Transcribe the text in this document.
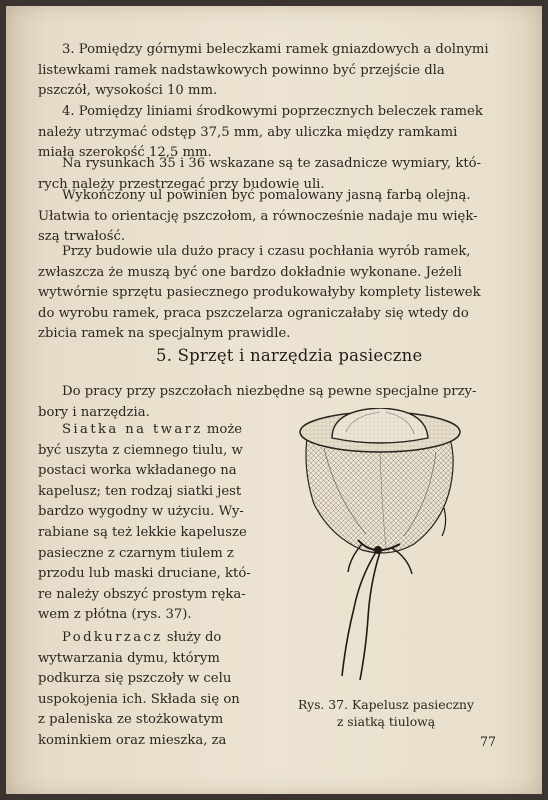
3. Pomiędzy górnymi beleczkami ramek gniazdowych a dolnymi
listewkami ramek nadstawkowych powinno być przejście dla
pszczół, wysokości 10 mm.
4. Pomiędzy liniami środkowymi poprzecznych beleczek ramek
należy utrzymać odstęp 37,5 mm, aby uliczka między ramkami
miała szerokość 12,5 mm.
Na rysunkach 35 i 36 wskazane są te zasadnicze wymiary, któ-
rych należy przestrzegać przy budowie uli.
Wykończony ul powinien być pomalowany jasną farbą olejną.
Ułatwia to orientację pszczołom, a równocześnie nadaje mu więk-
szą trwałość.
Przy budowie ula dużo pracy i czasu pochłania wyrób ramek,
zwłaszcza że muszą być one bardzo dokładnie wykonane. Jeżeli
wytwórnie sprzętu pasiecznego produkowałyby komplety listewek
do wyrobu ramek, praca pszczelarza ograniczałaby się wtedy do
zbicia ramek na specjalnym prawidle.
5. Sprzęt i narzędzia pasieczne
Do pracy przy pszczołach niezbędne są pewne specjalne przy-
bory i narzędzia.
Siatka na twarz może
być uszyta z ciemnego tiulu, w
postaci worka wkładanego na
kapelusz; ten rodzaj siatki jest
bardzo wygodny w użyciu. Wy-
rabiane są też lekkie kapelusze
pasieczne z czarnym tiulem z
przodu lub maski druciane, któ-
re należy obszyć prostym ręka-
wem z płótna (rys. 37).
Podkurzacz służy do
wytwarzania dymu, którym
podkurza się pszczoły w celu
uspokojenia ich. Składa się on
z paleniska ze stożkowatym
kominkiem oraz mieszka, za
Rys. 37. Kapelusz pasieczny
z siatką tiulową
77
